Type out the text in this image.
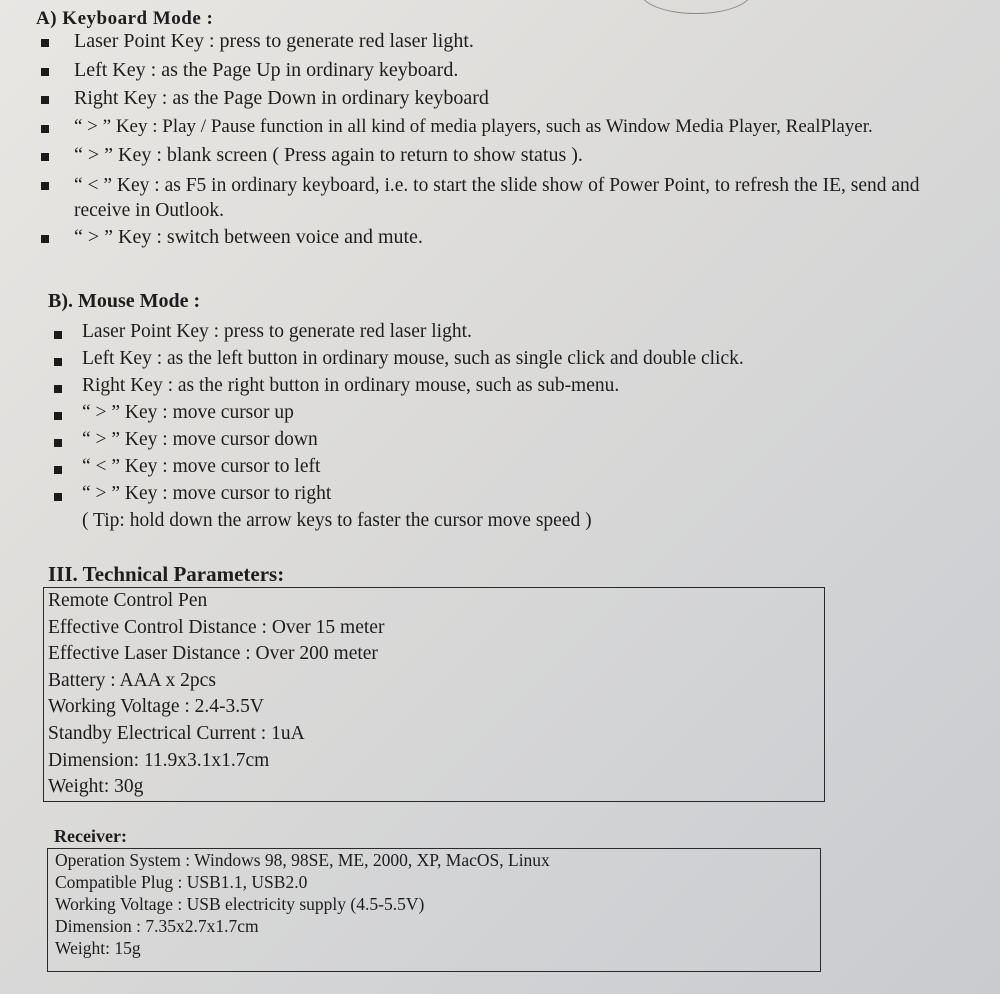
A) Keyboard Mode :
Laser Point Key : press to generate red laser light.
Left Key : as the Page Up in ordinary keyboard.
Right Key : as the Page Down in ordinary keyboard
“ > ” Key : Play / Pause function in all kind of media players, such as Window Media Player, RealPlayer.
“ > ” Key : blank screen ( Press again to return to show status ).
“ < ” Key : as F5 in ordinary keyboard, i.e. to start the slide show of Power Point, to refresh the IE, send and receive in Outlook.
“ > ” Key : switch between voice and mute.
B). Mouse Mode :
Laser Point Key : press to generate red laser light.
Left Key : as the left button in ordinary mouse, such as single click and double click.
Right Key : as the right button in ordinary mouse, such as sub-menu.
“ > ” Key : move cursor up
“ > ” Key : move cursor down
“ < ” Key : move cursor to left
“ > ” Key : move cursor to right
( Tip: hold down the arrow keys to faster the cursor move speed )
III. Technical Parameters:
Remote Control Pen
Effective Control Distance : Over 15 meter
Effective Laser Distance : Over 200 meter
Battery : AAA x 2pcs
Working Voltage : 2.4-3.5V
Standby Electrical Current : 1uA
Dimension: 11.9x3.1x1.7cm
Weight: 30g
Receiver:
Operation System : Windows 98, 98SE, ME, 2000, XP, MacOS, Linux
Compatible Plug : USB1.1, USB2.0
Working Voltage : USB electricity supply (4.5-5.5V)
Dimension : 7.35x2.7x1.7cm
Weight: 15g
